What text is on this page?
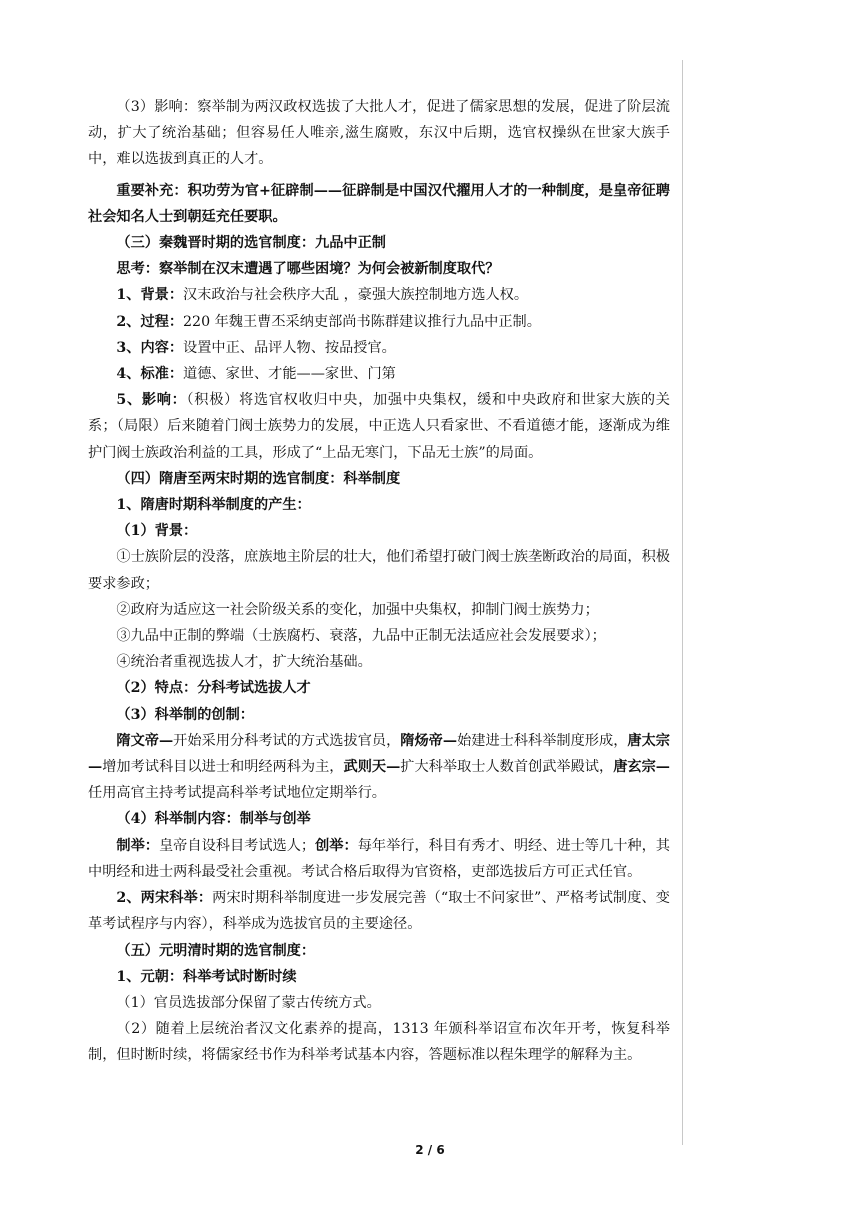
（3）影响：察举制为两汉政权选拔了大批人才，促进了儒家思想的发展，促进了阶层流动，扩大了统治基础；但容易任人唯亲,滋生腐败，东汉中后期，选官权操纵在世家大族手中，难以选拔到真正的人才。

重要补充：积功劳为官+征辟制——征辟制是中国汉代擢用人才的一种制度，是皇帝征聘社会知名人士到朝廷充任要职。

（三）秦魏晋时期的选官制度：九品中正制

思考：察举制在汉末遭遇了哪些困境？为何会被新制度取代？

1、背景：汉末政治与社会秩序大乱 ，豪强大族控制地方选人权。

2、过程：220 年魏王曹丕采纳吏部尚书陈群建议推行九品中正制。

3、内容：设置中正、品评人物、按品授官。

4、标准：道德、家世、才能——家世、门第

5、影响：（积极）将选官权收归中央，加强中央集权，缓和中央政府和世家大族的关系；（局限）后来随着门阀士族势力的发展，中正选人只看家世、不看道德才能，逐渐成为维护门阀士族政治利益的工具，形成了“上品无寒门，下品无士族”的局面。

（四）隋唐至两宋时期的选官制度：科举制度

1、隋唐时期科举制度的产生：

（1）背景：

①士族阶层的没落，庶族地主阶层的壮大，他们希望打破门阀士族垄断政治的局面，积极要求参政；

②政府为适应这一社会阶级关系的变化，加强中央集权，抑制门阀士族势力；

③九品中正制的弊端（士族腐朽、衰落，九品中正制无法适应社会发展要求）；

④统治者重视选拔人才，扩大统治基础。

（2）特点：分科考试选拔人才

（3）科举制的创制：

隋文帝—开始采用分科考试的方式选拔官员，隋炀帝—始建进士科科举制度形成，唐太宗—增加考试科目以进士和明经两科为主，武则天—扩大科举取士人数首创武举殿试，唐玄宗—任用高官主持考试提高科举考试地位定期举行。

（4）科举制内容：制举与创举

制举：皇帝自设科目考试选人；创举：每年举行，科目有秀才、明经、进士等几十种，其中明经和进士两科最受社会重视。考试合格后取得为官资格，吏部选拔后方可正式任官。

2、两宋科举：两宋时期科举制度进一步发展完善（“取士不问家世”、严格考试制度、变革考试程序与内容），科举成为选拔官员的主要途径。

（五）元明清时期的选官制度：

1、元朝：科举考试时断时续

（1）官员选拔部分保留了蒙古传统方式。

（2）随着上层统治者汉文化素养的提高，1313 年颁科举诏宣布次年开考，恢复科举制，但时断时续，将儒家经书作为科举考试基本内容，答题标准以程朱理学的解释为主。

2 / 6
